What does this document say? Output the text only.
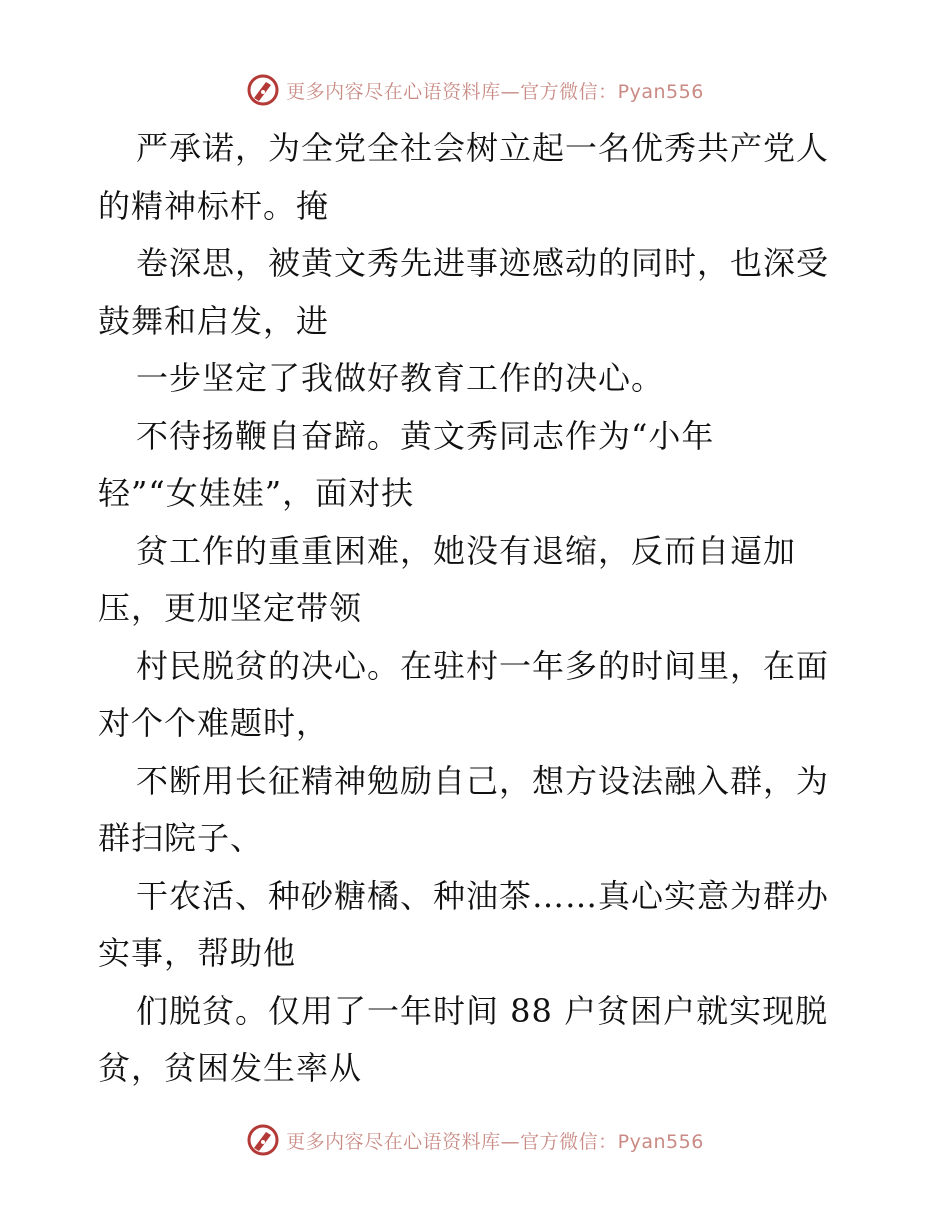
更多内容尽在心语资料库—官方微信：Pyan556
严承诺，为全党全社会树立起一名优秀共产党人
的精神标杆。掩
卷深思，被黄文秀先进事迹感动的同时，也深受
鼓舞和启发，进
一步坚定了我做好教育工作的决心。
不待扬鞭自奋蹄。黄文秀同志作为“小年
轻”“女娃娃”，面对扶
贫工作的重重困难，她没有退缩，反而自逼加
压，更加坚定带领
村民脱贫的决心。在驻村一年多的时间里，在面
对个个难题时，
不断用长征精神勉励自己，想方设法融入群，为
群扫院子、
干农活、种砂糖橘、种油茶……真心实意为群办
实事，帮助他
们脱贫。仅用了一年时间 88 户贫困户就实现脱
贫，贫困发生率从
更多内容尽在心语资料库—官方微信：Pyan556
